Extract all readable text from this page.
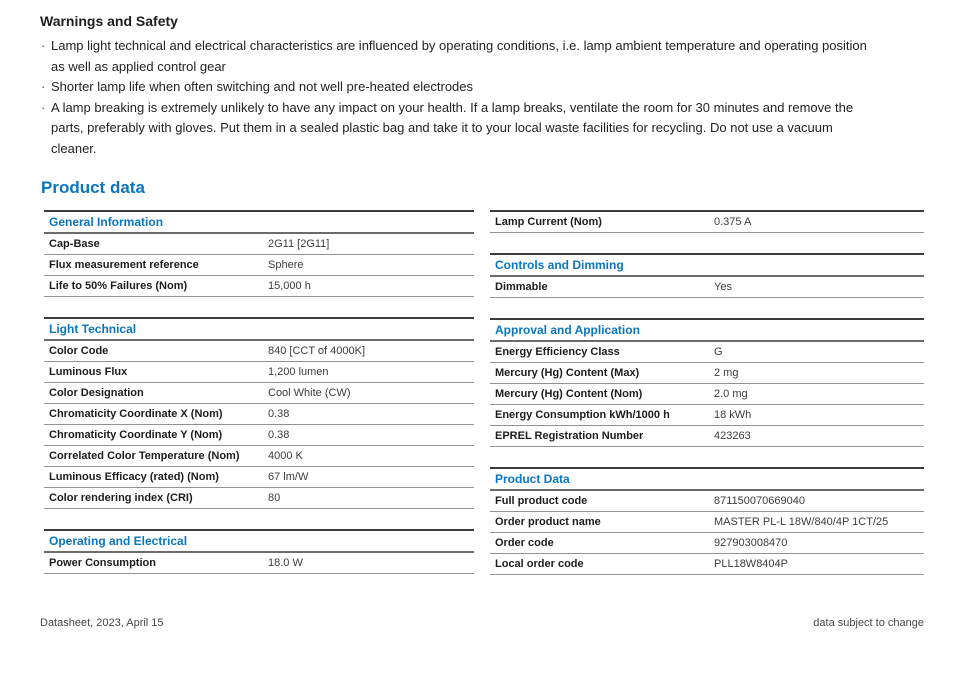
Warnings and Safety
· Lamp light technical and electrical characteristics are influenced by operating conditions, i.e. lamp ambient temperature and operating position as well as applied control gear
· Shorter lamp life when often switching and not well pre-heated electrodes
· A lamp breaking is extremely unlikely to have any impact on your health. If a lamp breaks, ventilate the room for 30 minutes and remove the parts, preferably with gloves. Put them in a sealed plastic bag and take it to your local waste facilities for recycling. Do not use a vacuum cleaner.
Product data
General Information
Cap-Base	2G11 [2G11]
Flux measurement reference	Sphere
Life to 50% Failures (Nom)	15,000 h
Light Technical
Color Code	840 [CCT of 4000K]
Luminous Flux	1,200 lumen
Color Designation	Cool White (CW)
Chromaticity Coordinate X (Nom)	0.38
Chromaticity Coordinate Y (Nom)	0.38
Correlated Color Temperature (Nom)	4000 K
Luminous Efficacy (rated) (Nom)	67 lm/W
Color rendering index (CRI)	80
Operating and Electrical
Power Consumption	18.0 W
Lamp Current (Nom)	0.375 A
Controls and Dimming
Dimmable	Yes
Approval and Application
Energy Efficiency Class	G
Mercury (Hg) Content (Max)	2 mg
Mercury (Hg) Content (Nom)	2.0 mg
Energy Consumption kWh/1000 h	18 kWh
EPREL Registration Number	423263
Product Data
Full product code	871150070669040
Order product name	MASTER PL-L 18W/840/4P 1CT/25
Order code	927903008470
Local order code	PLL18W8404P
Datasheet, 2023, April 15	data subject to change
